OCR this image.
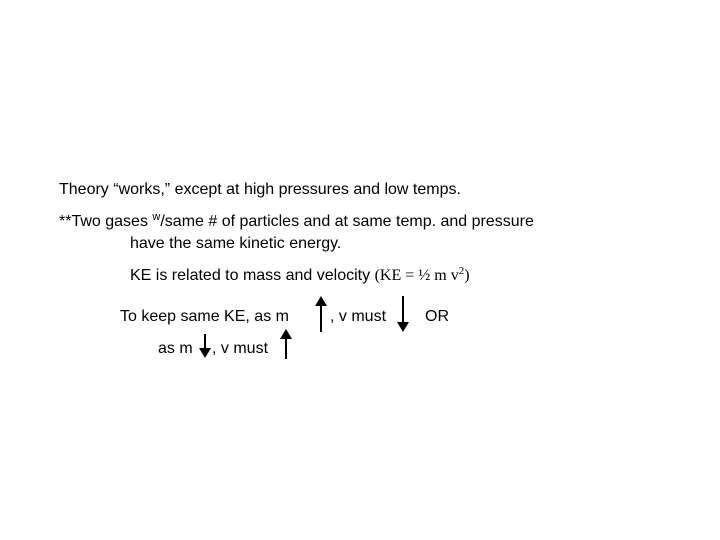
Theory “works,” except at high pressures and low temps.
**Two gases $^w$/same # of particles and at same temp. and pressure
have the same kinetic energy.
KE is related to mass and velocity (KE = ½ m $v^2$)
To keep same KE, as m	, v must OR
as m , v must
